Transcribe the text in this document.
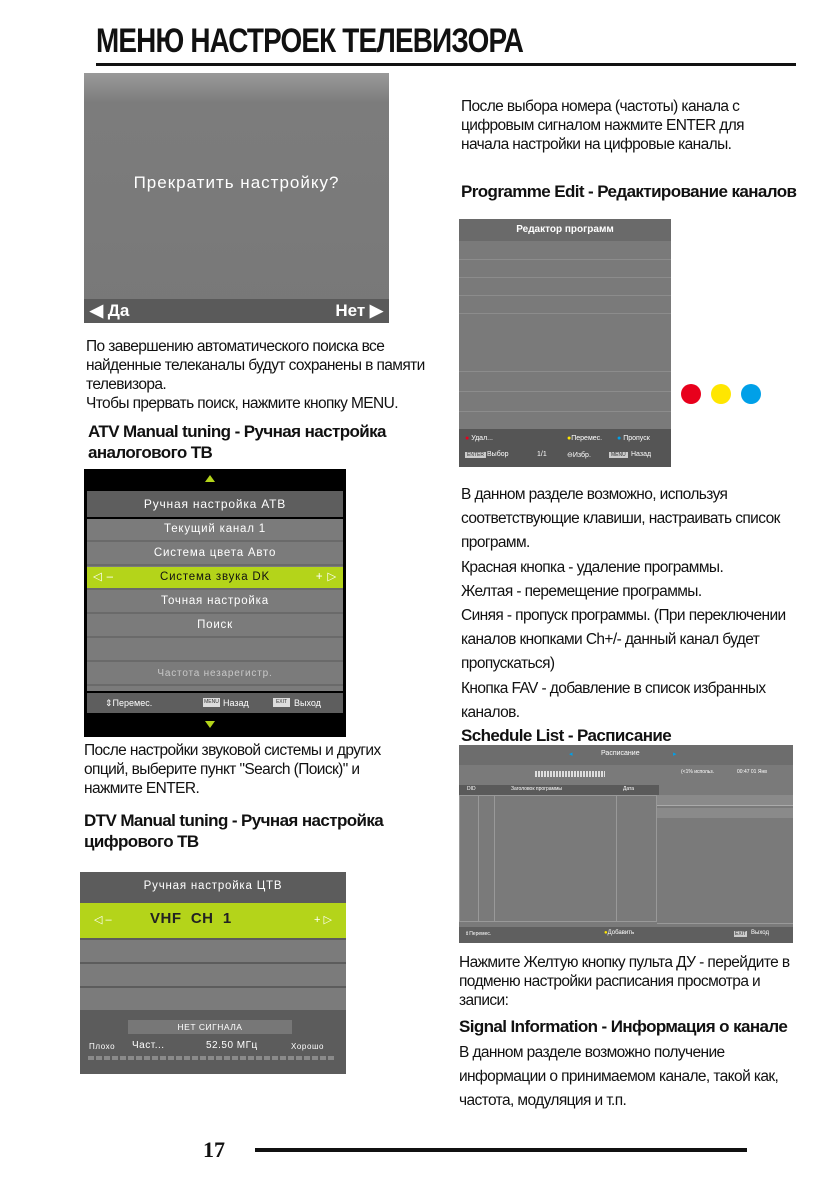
МЕНЮ НАСТРОЕК ТЕЛЕВИЗОРА
Прекратить настройку?
◀ Да	Нет ▶
По завершению автоматического поиска все
найденные телеканалы будут сохранены в памяти
телевизора.
Чтобы прервать поиск, нажмите кнопку MENU.
ATV Manual tuning - Ручная настройка
аналогового ТВ
Ручная настройка АТВ
Текущий канал 1
Система цвета Авто
◁ –	Система звука DK	+ ▷
Точная настройка
Поиск
Частота незарегистр.
⇕Перемес.	MENU Назад	EXIT Выход
После настройки звуковой системы и других
опций, выберите пункт "Search (Поиск)" и
нажмите ENTER.
DTV Manual tuning - Ручная настройка
цифрового ТВ
Ручная настройка ЦТВ
◁ –	VHF  CH  1	+ ▷
НЕТ СИГНАЛА
Плохо Част...	52.50 МГц	Хорошо
После выбора номера (частоты) канала с
цифровым сигналом нажмите ENTER для
начала настройки на цифровые каналы.
Programme Edit - Редактирование каналов
Редактор программ
● Удал...	●Перемес. ● Пропуск
ENTER Выбор	1/1	⊖Избр.	MENU Назад
В данном разделе возможно, используя
соответствующие клавиши, настраивать список
программ.
Красная кнопка - удаление программы.
Желтая - перемещение программы.
Синяя - пропуск программы. (При переключении
каналов кнопками Ch+/- данный канал будет
пропускаться)
Кнопка FAV - добавление в список избранных
каналов.
Schedule List - Расписание
◂	Расписание	▸
(<1% использ.	00:47 01 Янв
DID	Заголовок программы	Дата
⇕Перемес.	●Добавить	EXIT Выход
Нажмите Желтую кнопку пульта ДУ - перейдите в
подменю настройки расписания просмотра и
записи:
Signal Information - Информация о канале
В данном разделе возможно получение
информации о принимаемом канале, такой как,
частота, модуляция и т.п.
17
